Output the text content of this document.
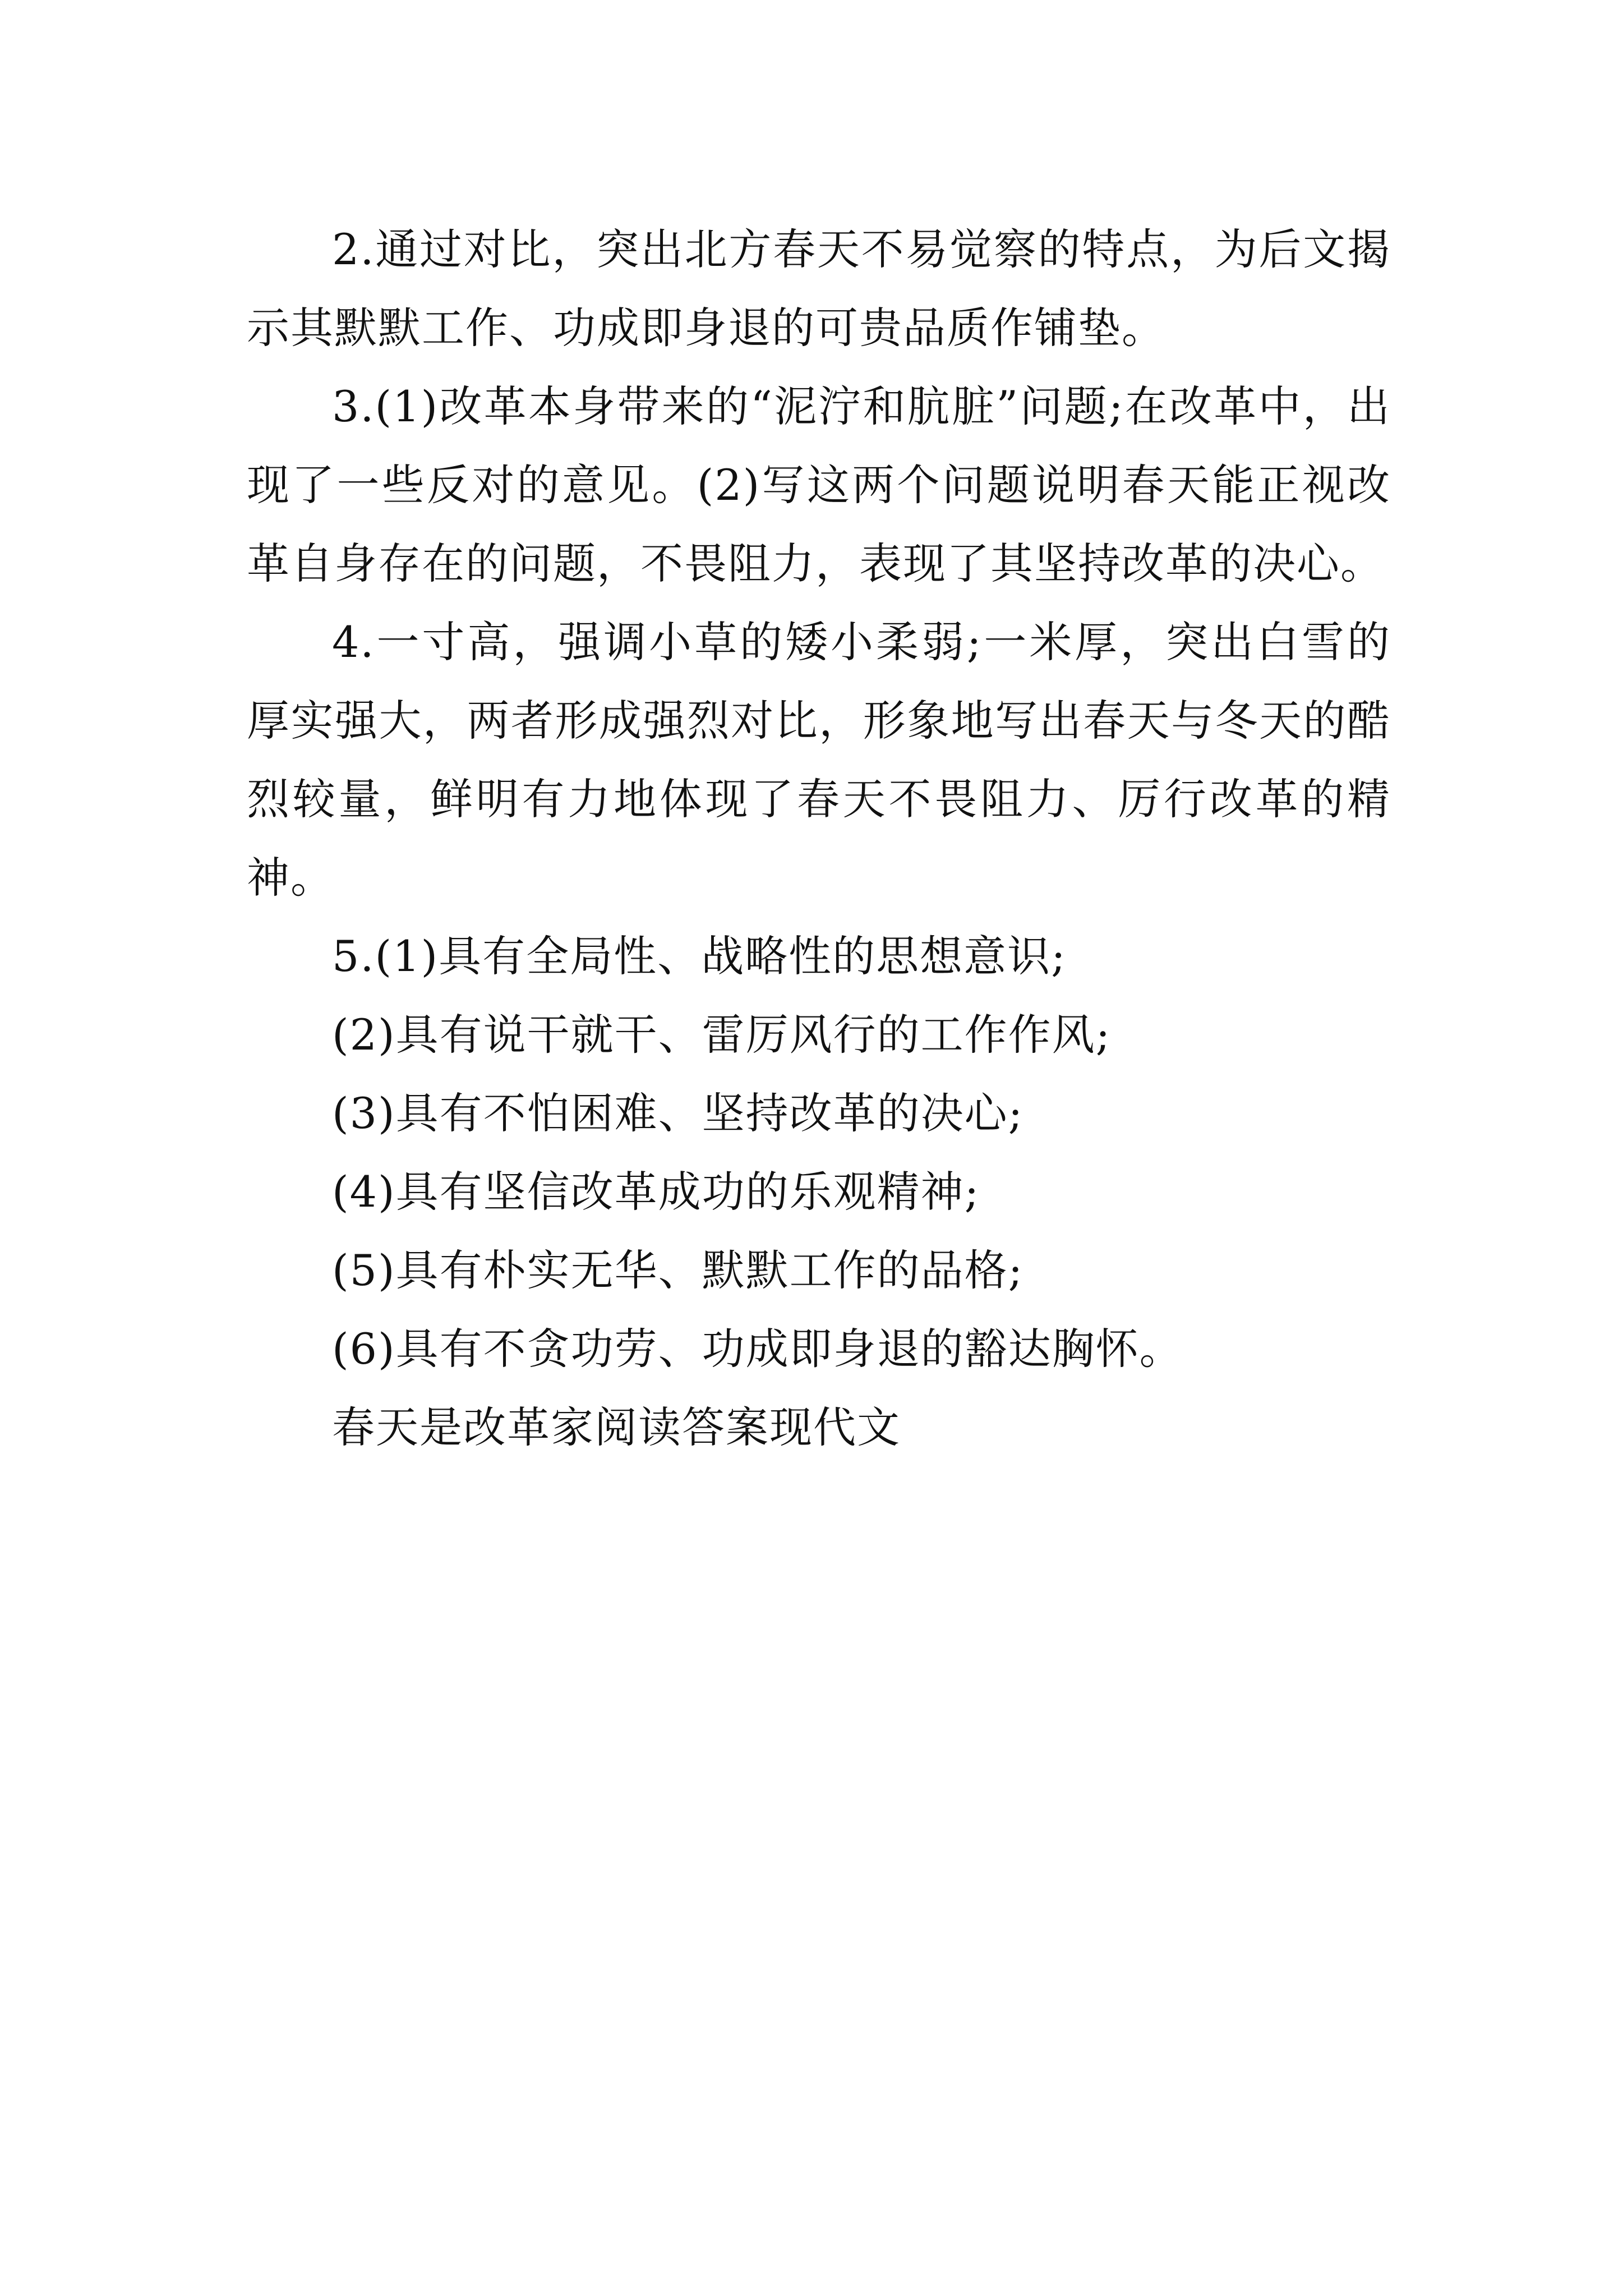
2.通过对比，突出北方春天不易觉察的特点，为后文揭示其默默工作、功成即身退的可贵品质作铺垫。

3.(1)改革本身带来的“泥泞和肮脏”问题;在改革中，出现了一些反对的意见。(2)写这两个问题说明春天能正视改革自身存在的问题，不畏阻力，表现了其坚持改革的决心。

4.一寸高，强调小草的矮小柔弱;一米厚，突出白雪的厚实强大，两者形成强烈对比，形象地写出春天与冬天的酷烈较量，鲜明有力地体现了春天不畏阻力、厉行改革的精神。

5.(1)具有全局性、战略性的思想意识;

(2)具有说干就干、雷厉风行的工作作风;

(3)具有不怕困难、坚持改革的决心;

(4)具有坚信改革成功的乐观精神;

(5)具有朴实无华、默默工作的品格;

(6)具有不贪功劳、功成即身退的豁达胸怀。

春天是改革家阅读答案现代文
